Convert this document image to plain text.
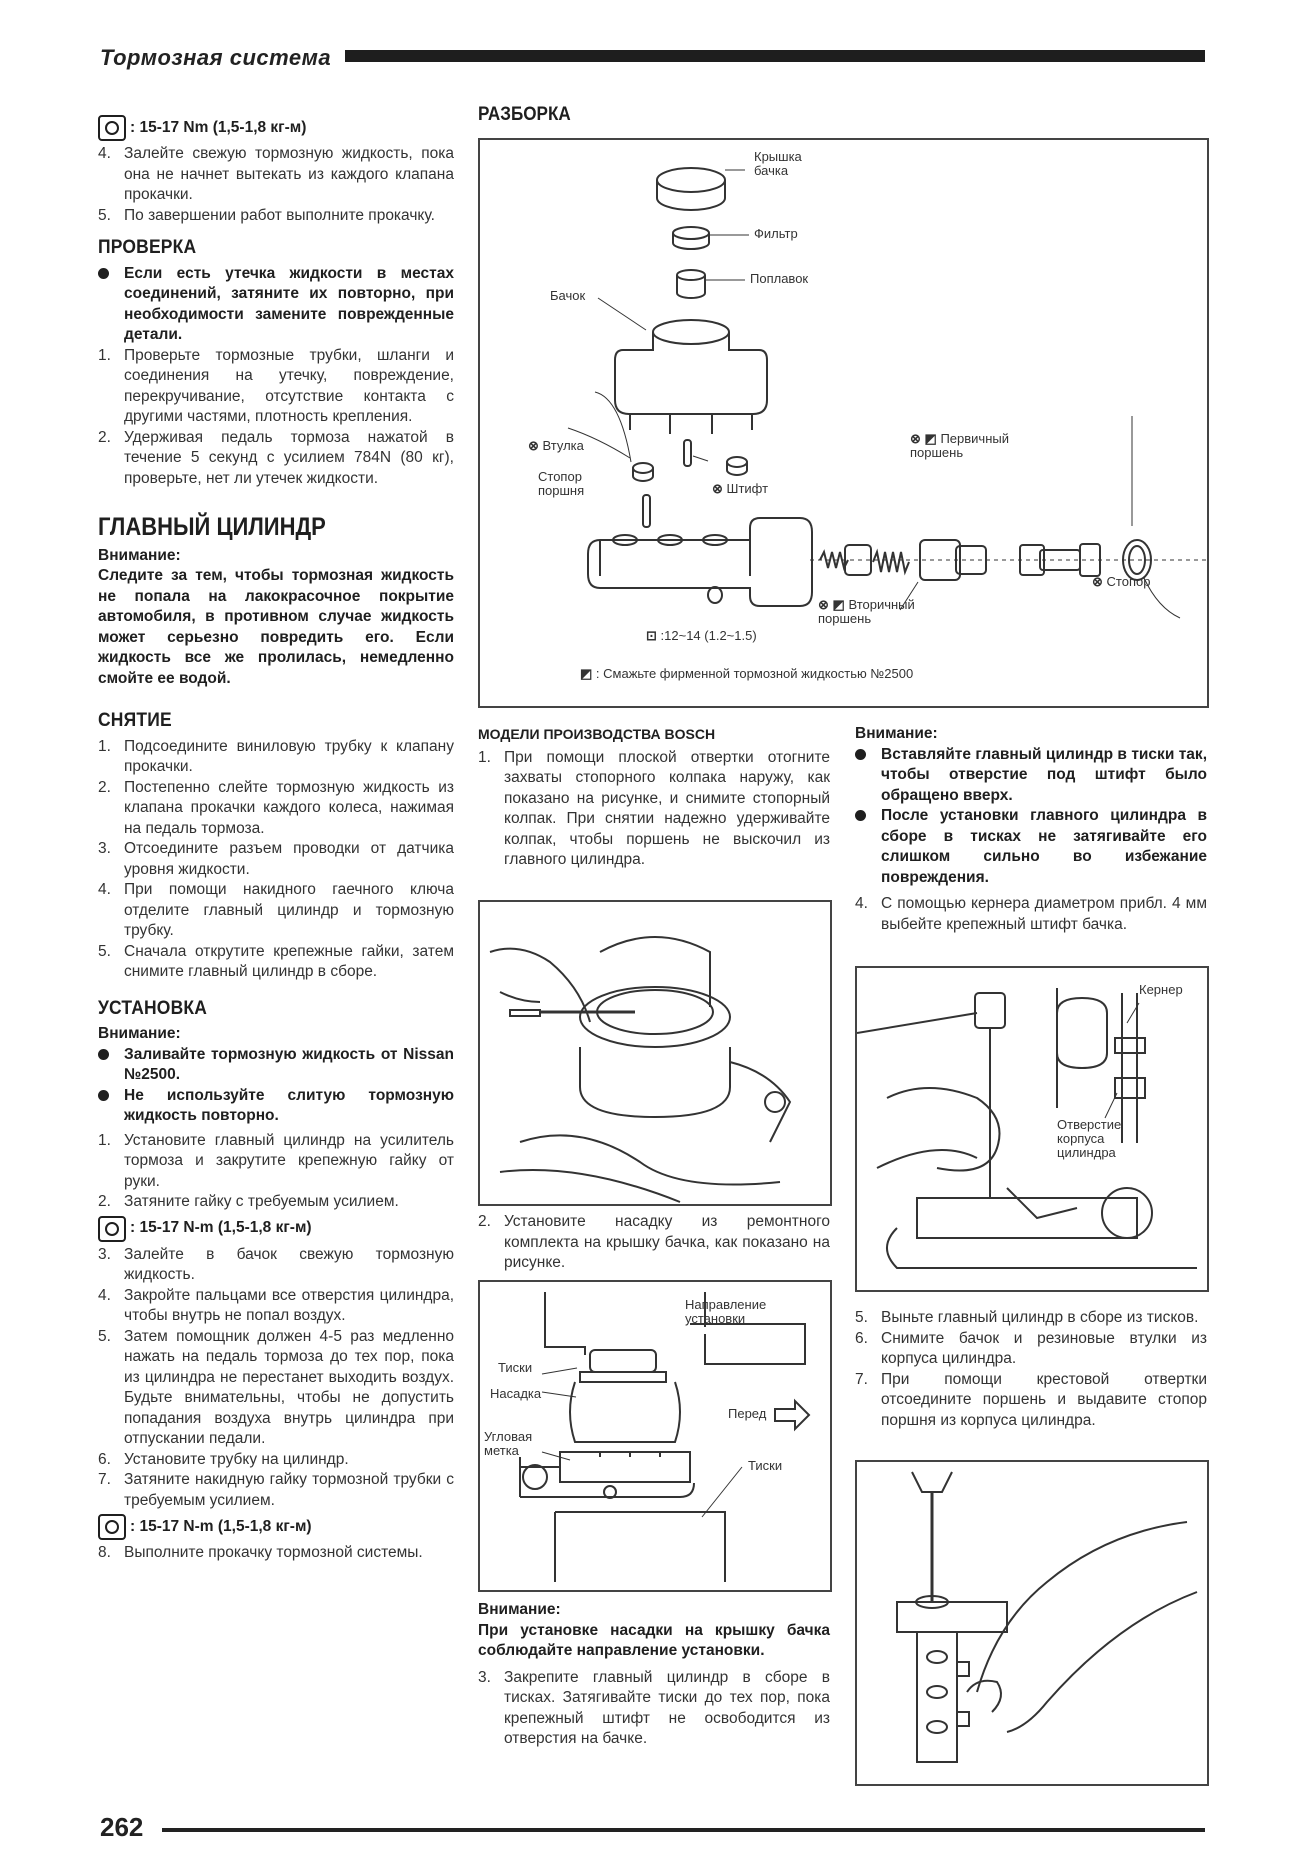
Тормозная система
: 15-17 Nm (1,5-1,8 кг-м)
4. Залейте свежую тормозную жидкость, пока она не начнет вытекать из каждого клапана прокачки.
5. По завершении работ выполните прокачку.
ПРОВЕРКА
Если есть утечка жидкости в местах соединений, затяните их повторно, при необходимости замените поврежденные детали.
1. Проверьте тормозные трубки, шланги и соединения на утечку, повреждение, перекручивание, отсутствие контакта с другими частями, плотность крепления.
2. Удерживая педаль тормоза нажатой в течение 5 секунд с усилием 784N (80 кг), проверьте, нет ли утечек жидкости.
ГЛАВНЫЙ ЦИЛИНДР
Внимание:
Следите за тем, чтобы тормозная жидкость не попала на лакокрасочное покрытие автомобиля, в противном случае жидкость может серьезно повредить его. Если жидкость все же пролилась, немедленно смойте ее водой.
СНЯТИЕ
1. Подсоедините виниловую трубку к клапану прокачки.
2. Постепенно слейте тормозную жидкость из клапана прокачки каждого колеса, нажимая на педаль тормоза.
3. Отсоедините разъем проводки от датчика уровня жидкости.
4. При помощи накидного гаечного ключа отделите главный цилиндр и тормозную трубку.
5. Сначала открутите крепежные гайки, затем снимите главный цилиндр в сборе.
УСТАНОВКА
Внимание:
Заливайте тормозную жидкость от Nissan №2500.
Не используйте слитую тормозную жидкость повторно.
1. Установите главный цилиндр на усилитель тормоза и закрутите крепежную гайку от руки.
2. Затяните гайку с требуемым усилием.
: 15-17 N-m (1,5-1,8 кг-м)
3. Залейте в бачок свежую тормозную жидкость.
4. Закройте пальцами все отверстия цилиндра, чтобы внутрь не попал воздух.
5. Затем помощник должен 4-5 раз медленно нажать на педаль тормоза до тех пор, пока из цилиндра не перестанет выходить воздух. Будьте внимательны, чтобы не допустить попадания воздуха внутрь цилиндра при отпускании педали.
6. Установите трубку на цилиндр.
7. Затяните накидную гайку тормозной трубки с требуемым усилием.
: 15-17 N-m (1,5-1,8 кг-м)
8. Выполните прокачку тормозной системы.
РАЗБОРКА
Крышка бачка
Фильтр
Поплавок
Бачок
⊗ Втулка
Стопор поршня	⊗ Штифт
⊗ ◩ Первичный поршень
⊗ ◩ Вторичный поршень
⊗ Стопор
⊡ :12~14 (1.2~1.5)
◩ : Смажьте фирменной тормозной жидкостью №2500
МОДЕЛИ ПРОИЗВОДСТВА BOSCH
1. При помощи плоской отвертки отогните захваты стопорного колпака наружу, как показано на рисунке, и снимите стопорный колпак. При снятии надежно удерживайте колпак, чтобы поршень не выскочил из главного цилиндра.
2. Установите насадку из ремонтного комплекта на крышку бачка, как показано на рисунке.
Направление установки
Тиски
Насадка
Угловая метка
Перед
Тиски
Внимание:
При установке насадки на крышку бачка соблюдайте направление установки.
3. Закрепите главный цилиндр в сборе в тисках. Затягивайте тиски до тех пор, пока крепежный штифт не освободится из отверстия на бачке.
Внимание:
Вставляйте главный цилиндр в тиски так, чтобы отверстие под штифт было обращено вверх.
После установки главного цилиндра в сборе в тисках не затягивайте его слишком сильно во избежание повреждения.
4. С помощью кернера диаметром прибл. 4 мм выбейте крепежный штифт бачка.
Кернер
Отверстие корпуса цилиндра
5. Выньте главный цилиндр в сборе из тисков.
6. Снимите бачок и резиновые втулки из корпуса цилиндра.
7. При помощи крестовой отвертки отсоедините поршень и выдавите стопор поршня из корпуса цилиндра.
262
